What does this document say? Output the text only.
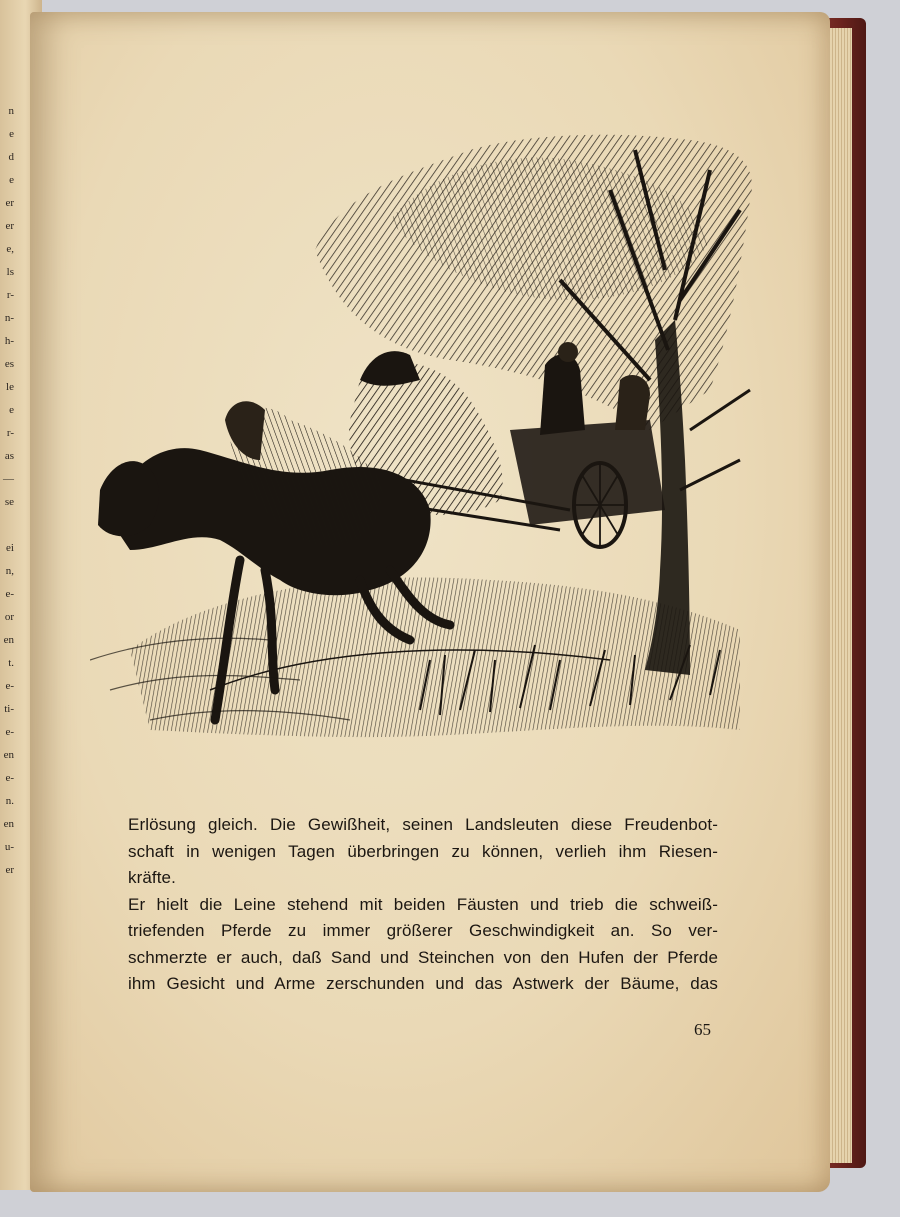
n
e
d
e
er
er
e,
ls
r-
n-
h-
es
le
e
r-
as
—
se
ei
n,
e-
or
en
t.
e-
ti-
e-
en
e-
n.
en
u-
er
Erlösung gleich. Die Gewißheit, seinen Landsleuten diese Freudenbot-
schaft in wenigen Tagen überbringen zu können, verlieh ihm Riesen-
kräfte.
Er hielt die Leine stehend mit beiden Fäusten und trieb die schweiß-
triefenden Pferde zu immer größerer Geschwindigkeit an. So ver-
schmerzte er auch, daß Sand und Steinchen von den Hufen der Pferde
ihm Gesicht und Arme zerschunden und das Astwerk der Bäume, das
65
